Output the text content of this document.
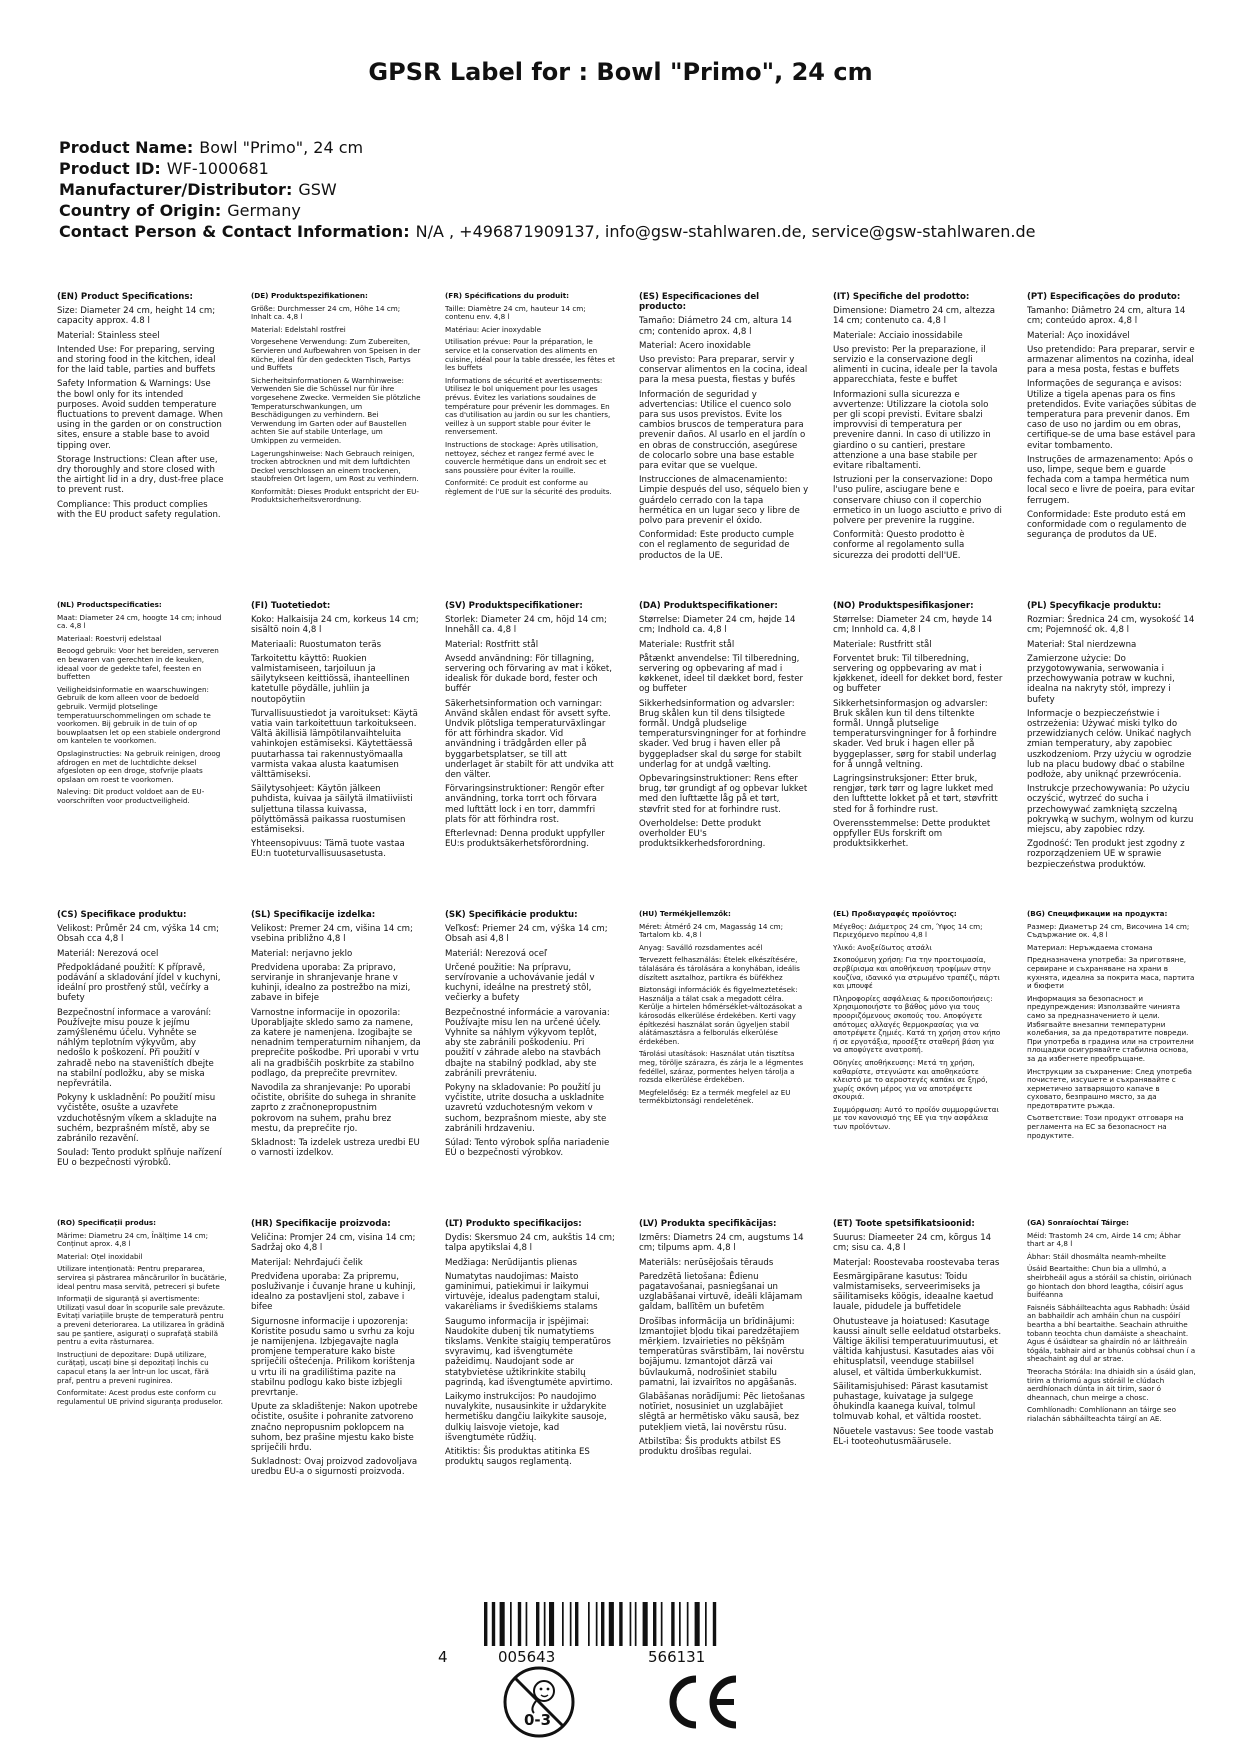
GPSR Label for : Bowl "Primo", 24 cm
Product Name: Bowl "Primo", 24 cm
Product ID: WF-1000681
Manufacturer/Distributor: GSW
Country of Origin: Germany
Contact Person & Contact Information: N/A , +496871909137, info@gsw-stahlwaren.de, service@gsw-stahlwaren.de

(EN) Product Specifications:

Size: Diameter 24 cm, height 14 cm; capacity approx. 4.8 l

Material: Stainless steel

Intended Use: For preparing, serving and storing food in the kitchen, ideal for the laid table, parties and buffets

Safety Information & Warnings: Use the bowl only for its intended purposes. Avoid sudden temperature fluctuations to prevent damage. When using in the garden or on construction sites, ensure a stable base to avoid tipping over.

Storage Instructions: Clean after use, dry thoroughly and store closed with the airtight lid in a dry, dust-free place to prevent rust.

Compliance: This product complies with the EU product safety regulation.

(DE) Produktspezifikationen:

Größe: Durchmesser 24 cm, Höhe 14 cm; Inhalt ca. 4,8 l

Material: Edelstahl rostfrei

Vorgesehene Verwendung: Zum Zubereiten, Servieren und Aufbewahren von Speisen in der Küche, ideal für den gedeckten Tisch, Partys und Buffets

Sicherheitsinformationen & Warnhinweise: Verwenden Sie die Schüssel nur für ihre vorgesehene Zwecke. Vermeiden Sie plötzliche Temperaturschwankungen, um Beschädigungen zu verhindern. Bei Verwendung im Garten oder auf Baustellen achten Sie auf stabile Unterlage, um Umkippen zu vermeiden.

Lagerungshinweise: Nach Gebrauch reinigen, trocken abtrocknen und mit dem luftdichten Deckel verschlossen an einem trockenen, staubfreien Ort lagern, um Rost zu verhindern.

Konformität: Dieses Produkt entspricht der EU-Produktsicherheitsverordnung.

(FR) Spécifications du produit:

Taille: Diamètre 24 cm, hauteur 14 cm; contenu env. 4,8 l

Matériau: Acier inoxydable

Utilisation prévue: Pour la préparation, le service et la conservation des aliments en cuisine, idéal pour la table dressée, les fêtes et les buffets

Informations de sécurité et avertissements: Utilisez le bol uniquement pour les usages prévus. Évitez les variations soudaines de température pour prévenir les dommages. En cas d'utilisation au jardin ou sur les chantiers, veillez à un support stable pour éviter le renversement.

Instructions de stockage: Après utilisation, nettoyez, séchez et rangez fermé avec le couvercle hermétique dans un endroit sec et sans poussière pour éviter la rouille.

Conformité: Ce produit est conforme au règlement de l'UE sur la sécurité des produits.

(ES) Especificaciones del producto:

Tamaño: Diámetro 24 cm, altura 14 cm; contenido aprox. 4,8 l

Material: Acero inoxidable

Uso previsto: Para preparar, servir y conservar alimentos en la cocina, ideal para la mesa puesta, fiestas y bufés

Información de seguridad y advertencias: Utilice el cuenco solo para sus usos previstos. Evite los cambios bruscos de temperatura para prevenir daños. Al usarlo en el jardín o en obras de construcción, asegúrese de colocarlo sobre una base estable para evitar que se vuelque.

Instrucciones de almacenamiento: Limpie después del uso, séquelo bien y guárdelo cerrado con la tapa hermética en un lugar seco y libre de polvo para prevenir el óxido.

Conformidad: Este producto cumple con el reglamento de seguridad de productos de la UE.

(IT) Specifiche del prodotto:

Dimensione: Diametro 24 cm, altezza 14 cm; contenuto ca. 4,8 l

Materiale: Acciaio inossidabile

Uso previsto: Per la preparazione, il servizio e la conservazione degli alimenti in cucina, ideale per la tavola apparecchiata, feste e buffet

Informazioni sulla sicurezza e avvertenze: Utilizzare la ciotola solo per gli scopi previsti. Evitare sbalzi improvvisi di temperatura per prevenire danni. In caso di utilizzo in giardino o su cantieri, prestare attenzione a una base stabile per evitare ribaltamenti.

Istruzioni per la conservazione: Dopo l'uso pulire, asciugare bene e conservare chiuso con il coperchio ermetico in un luogo asciutto e privo di polvere per prevenire la ruggine.

Conformità: Questo prodotto è conforme al regolamento sulla sicurezza dei prodotti dell'UE.

(PT) Especificações do produto:

Tamanho: Diâmetro 24 cm, altura 14 cm; conteúdo aprox. 4,8 l

Material: Aço inoxidável

Uso pretendido: Para preparar, servir e armazenar alimentos na cozinha, ideal para a mesa posta, festas e buffets

Informações de segurança e avisos: Utilize a tigela apenas para os fins pretendidos. Evite variações súbitas de temperatura para prevenir danos. Em caso de uso no jardim ou em obras, certifique-se de uma base estável para evitar tombamento.

Instruções de armazenamento: Após o uso, limpe, seque bem e guarde fechada com a tampa hermética num local seco e livre de poeira, para evitar ferrugem.

Conformidade: Este produto está em conformidade com o regulamento de segurança de produtos da UE.

(NL) Productspecificaties:

Maat: Diameter 24 cm, hoogte 14 cm; inhoud ca. 4,8 l

Materiaal: Roestvrij edelstaal

Beoogd gebruik: Voor het bereiden, serveren en bewaren van gerechten in de keuken, ideaal voor de gedekte tafel, feesten en buffetten

Veiligheidsinformatie en waarschuwingen: Gebruik de kom alleen voor de bedoeld gebruik. Vermijd plotselinge temperatuurschommelingen om schade te voorkomen. Bij gebruik in de tuin of op bouwplaatsen let op een stabiele ondergrond om kantelen te voorkomen.

Opslaginstructies: Na gebruik reinigen, droog afdrogen en met de luchtdichte deksel afgesloten op een droge, stofvrije plaats opslaan om roest te voorkomen.

Naleving: Dit product voldoet aan de EU-voorschriften voor productveiligheid.

(FI) Tuotetiedot:

Koko: Halkaisija 24 cm, korkeus 14 cm; sisältö noin 4,8 l

Materiaali: Ruostumaton teräs

Tarkoitettu käyttö: Ruokien valmistamiseen, tarjoiluun ja säilytykseen keittiössä, ihanteellinen katetulle pöydälle, juhliin ja noutopöytiin

Turvallisuustiedot ja varoitukset: Käytä vatia vain tarkoitettuun tarkoitukseen. Vältä äkillisiä lämpötilanvaihteluita vahinkojen estämiseksi. Käytettäessä puutarhassa tai rakennustyömaalla varmista vakaa alusta kaatumisen välttämiseksi.

Säilytysohjeet: Käytön jälkeen puhdista, kuivaa ja säilytä ilmatiiviisti suljettuna tilassa kuivassa, pölyttömässä paikassa ruostumisen estämiseksi.

Yhteensopivuus: Tämä tuote vastaa EU:n tuoteturvallisuusasetusta.

(SV) Produktspecifikationer:

Storlek: Diameter 24 cm, höjd 14 cm; Innehåll ca. 4,8 l

Material: Rostfritt stål

Avsedd användning: För tillagning, servering och förvaring av mat i köket, idealisk för dukade bord, fester och buffér

Säkerhetsinformation och varningar: Använd skålen endast för avsett syfte. Undvik plötsliga temperaturväxlingar för att förhindra skador. Vid användning i trädgården eller på byggarbetsplatser, se till att underlaget är stabilt för att undvika att den välter.

Förvaringsinstruktioner: Rengör efter användning, torka torrt och förvara med lufttätt lock i en torr, dammfri plats för att förhindra rost.

Efterlevnad: Denna produkt uppfyller EU:s produktsäkerhetsförordning.

(DA) Produktspecifikationer:

Størrelse: Diameter 24 cm, højde 14 cm; Indhold ca. 4,8 l

Materiale: Rustfrit stål

Påtænkt anvendelse: Til tilberedning, servering og opbevaring af mad i køkkenet, ideel til dækket bord, fester og buffeter

Sikkerhedsinformation og advarsler: Brug skålen kun til dens tilsigtede formål. Undgå pludselige temperatursvingninger for at forhindre skader. Ved brug i haven eller på byggepladser skal du sørge for stabilt underlag for at undgå vælting.

Opbevaringsinstruktioner: Rens efter brug, tør grundigt af og opbevar lukket med den lufttætte låg på et tørt, støvfrit sted for at forhindre rust.

Overholdelse: Dette produkt overholder EU's produktsikkerhedsforordning.

(NO) Produktspesifikasjoner:

Størrelse: Diameter 24 cm, høyde 14 cm; Innhold ca. 4,8 l

Materiale: Rustfritt stål

Forventet bruk: Til tilberedning, servering og oppbevaring av mat i kjøkkenet, ideell for dekket bord, fester og buffeter

Sikkerhetsinformasjon og advarsler: Bruk skålen kun til dens tiltenkte formål. Unngå plutselige temperatursvingninger for å forhindre skader. Ved bruk i hagen eller på byggeplasser, sørg for stabil underlag for å unngå veltning.

Lagringsinstruksjoner: Etter bruk, rengjør, tørk tørr og lagre lukket med den lufttette lokket på et tørt, støvfritt sted for å forhindre rust.

Overensstemmelse: Dette produktet oppfyller EUs forskrift om produktsikkerhet.

(PL) Specyfikacje produktu:

Rozmiar: Średnica 24 cm, wysokość 14 cm; Pojemność ok. 4,8 l

Materiał: Stal nierdzewna

Zamierzone użycie: Do przygotowywania, serwowania i przechowywania potraw w kuchni, idealna na nakryty stół, imprezy i bufety

Informacje o bezpieczeństwie i ostrzeżenia: Używać miski tylko do przewidzianych celów. Unikać nagłych zmian temperatury, aby zapobiec uszkodzeniom. Przy użyciu w ogrodzie lub na placu budowy dbać o stabilne podłoże, aby uniknąć przewrócenia.

Instrukcje przechowywania: Po użyciu oczyścić, wytrzeć do sucha i przechowywać zamkniętą szczelną pokrywką w suchym, wolnym od kurzu miejscu, aby zapobiec rdzy.

Zgodność: Ten produkt jest zgodny z rozporządzeniem UE w sprawie bezpieczeństwa produktów.

(CS) Specifikace produktu:

Velikost: Průměr 24 cm, výška 14 cm; Obsah cca 4,8 l

Materiál: Nerezová ocel

Předpokládané použití: K přípravě, podávání a skladování jídel v kuchyni, ideální pro prostřený stůl, večírky a bufety

Bezpečnostní informace a varování: Používejte misu pouze k jejímu zamýšlenému účelu. Vyhněte se náhlým teplotním výkyvům, aby nedošlo k poškození. Při použití v zahradě nebo na staveništích dbejte na stabilní podložku, aby se miska nepřevrátila.

Pokyny k uskladnění: Po použití misu vyčistěte, osušte a uzavřete vzduchotěsným víkem a skladujte na suchém, bezprašném místě, aby se zabránilo rezavění.

Soulad: Tento produkt splňuje nařízení EU o bezpečnosti výrobků.

(SL) Specifikacije izdelka:

Velikost: Premer 24 cm, višina 14 cm; vsebina približno 4,8 l

Material: nerjavno jeklo

Predvidena uporaba: Za pripravo, serviranje in shranjevanje hrane v kuhinji, idealno za postrežbo na mizi, zabave in bifeje

Varnostne informacije in opozorila: Uporabljajte skledo samo za namene, za katere je namenjena. Izogibajte se nenadnim temperaturnim nihanjem, da preprečite poškodbe. Pri uporabi v vrtu ali na gradbiščih poskrbite za stabilno podlago, da preprečite prevrnitev.

Navodila za shranjevanje: Po uporabi očistite, obrišite do suhega in shranite zaprto z zračnonepropustnim pokrovom na suhem, prahu brez mestu, da preprečite rjo.

Skladnost: Ta izdelek ustreza uredbi EU o varnosti izdelkov.

(SK) Špecifikácie produktu:

Veľkosť: Priemer 24 cm, výška 14 cm; Obsah asi 4,8 l

Materiál: Nerezová oceľ

Určené použitie: Na prípravu, servírovanie a uchovávanie jedál v kuchyni, ideálne na prestretý stôl, večierky a bufety

Bezpečnostné informácie a varovania: Používajte misu len na určené účely. Vyhnite sa náhlym výkyvom teplôt, aby ste zabránili poškodeniu. Pri použití v záhrade alebo na stavbách dbajte na stabilný podklad, aby ste zabránili prevráteniu.

Pokyny na skladovanie: Po použití ju vyčistite, utrite dosucha a uskladnite uzavretú vzduchotesným vekom v suchom, bezprašnom mieste, aby ste zabránili hrdzaveniu.

Súlad: Tento výrobok spĺňa nariadenie EÚ o bezpečnosti výrobkov.

(HU) Termékjellemzők:

Méret: Átmérő 24 cm, Magasság 14 cm; Tartalom kb. 4,8 l

Anyag: Saválló rozsdamentes acél

Tervezett felhasználás: Ételek elkészítésére, tálalására és tárolására a konyhában, ideális díszített asztalhoz, partikra és büfékhez

Biztonsági információk és figyelmeztetések: Használja a tálat csak a megadott célra. Kerülje a hirtelen hőmérséklet-változásokat a károsodás elkerülése érdekében. Kerti vagy építkezési használat során ügyeljen stabil alátámasztásra a felborulás elkerülése érdekében.

Tárolási utasítások: Használat után tisztítsa meg, törölje szárazra, és zárja le a légmentes fedéllel, száraz, pormentes helyen tárolja a rozsda elkerülése érdekében.

Megfelelőség: Ez a termék megfelel az EU termékbiztonsági rendeletének.

(EL) Προδιαγραφές προϊόντος:

Μέγεθος: Διάμετρος 24 cm, Ύψος 14 cm; Περιεχόμενο περίπου 4,8 l

Υλικό: Ανοξείδωτος ατσάλι

Σκοπούμενη χρήση: Για την προετοιμασία, σερβίρισμα και αποθήκευση τροφίμων στην κουζίνα, ιδανικό για στρωμένο τραπέζι, πάρτι και μπουφέ

Πληροφορίες ασφάλειας & προειδοποιήσεις: Χρησιμοποιήστε το βάθος μόνο για τους προοριζόμενους σκοπούς του. Αποφύγετε απότομες αλλαγές θερμοκρασίας για να αποτρέψετε ζημιές. Κατά τη χρήση στον κήπο ή σε εργοτάξια, προσέξτε σταθερή βάση για να αποφύγετε ανατροπή.

Οδηγίες αποθήκευσης: Μετά τη χρήση, καθαρίστε, στεγνώστε και αποθηκεύστε κλειστό με το αεροστεγές καπάκι σε ξηρό, χωρίς σκόνη μέρος για να αποτρέψετε σκουριά.

Συμμόρφωση: Αυτό το προϊόν συμμορφώνεται με τον κανονισμό της ΕΕ για την ασφάλεια των προϊόντων.

(BG) Спецификации на продукта:

Размер: Диаметър 24 cm, Височина 14 cm; Съдържание ок. 4,8 l

Материал: Неръждаема стомана

Предназначена употреба: За приготвяне, сервиране и съхраняване на храни в кухнята, идеална за покрита маса, партита и бюфети

Информация за безопасност и предупреждения: Използвайте чинията само за предназначението ѝ цели. Избягвайте внезапни температурни колебания, за да предотвратите повреди. При употреба в градина или на строителни площадки осигурявайте стабилна основа, за да избегнете преобръщане.

Инструкции за съхранение: След употреба почистете, изсушете и съхранявайте с херметично затварящото капаче в суховато, безпрашно място, за да предотвратите ръжда.

Съответствие: Този продукт отговаря на регламента на ЕС за безопасност на продуктите.

(RO) Specificații produs:

Mărime: Diametru 24 cm, Înălțime 14 cm; Conținut aprox. 4,8 l

Material: Oțel inoxidabil

Utilizare intenționată: Pentru prepararea, servirea și păstrarea mâncărurilor în bucătărie, ideal pentru masa servită, petreceri și bufete

Informații de siguranță și avertismente: Utilizați vasul doar în scopurile sale prevăzute. Evitați variațiile bruște de temperatură pentru a preveni deteriorarea. La utilizarea în grădină sau pe șantiere, asigurați o suprafață stabilă pentru a evita răsturnarea.

Instrucțiuni de depozitare: După utilizare, curățați, uscați bine și depozitați închis cu capacul etanș la aer într-un loc uscat, fără praf, pentru a preveni ruginirea.

Conformitate: Acest produs este conform cu regulamentul UE privind siguranța produselor.

(HR) Specifikacije proizvoda:

Veličina: Promjer 24 cm, visina 14 cm; Sadržaj oko 4,8 l

Materijal: Nehrđajući čelik

Predviđena uporaba: Za pripremu, posluživanje i čuvanje hrane u kuhinji, idealno za postavljeni stol, zabave i bifee

Sigurnosne informacije i upozorenja: Koristite posudu samo u svrhu za koju je namijenjena. Izbjegavajte nagla promjene temperature kako biste spriječili oštećenja. Prilikom korištenja u vrtu ili na gradilištima pazite na stabilnu podlogu kako biste izbjegli prevrtanje.

Upute za skladištenje: Nakon upotrebe očistite, osušite i pohranite zatvoreno značno nepropusnim poklopcem na suhom, bez prašine mjestu kako biste spriječili hrđu.

Sukladnost: Ovaj proizvod zadovoljava uredbu EU-a o sigurnosti proizvoda.

(LT) Produkto specifikacijos:

Dydis: Skersmuo 24 cm, aukštis 14 cm; talpa apytikslai 4,8 l

Medžiaga: Nerūdijantis plienas

Numatytas naudojimas: Maisto gaminimui, patiekimui ir laikymui virtuvėje, idealus padengtam stalui, vakarėliams ir švediškiems stalams

Saugumo informacija ir įspėjimai: Naudokite dubenį tik numatytiems tikslams. Venkite staigių temperatūros svyravimų, kad išvengtumėte pažeidimų. Naudojant sode ar statybvietėse užtikrinkite stabilų pagrindą, kad išvengtumėte apvirtimo.

Laikymo instrukcijos: Po naudojimo nuvalykite, nusausinkite ir uždarykite hermetišku dangčiu laikykite sausoje, dulkių laisvoje vietoje, kad išvengtumėte rūdžių.

Atitiktis: Šis produktas atitinka ES produktų saugos reglamentą.

(LV) Produkta specifikācijas:

Izmērs: Diametrs 24 cm, augstums 14 cm; tilpums apm. 4,8 l

Materiāls: nerūsējošais tērauds

Paredzētā lietošana: Ēdienu pagatavošanai, pasniegšanai un uzglabāšanai virtuvē, ideāli klājamam galdam, ballītēm un bufetēm

Drošības informācija un brīdinājumi: Izmantojiet bļodu tikai paredzētajiem mērķiem. Izvairieties no pēkšņām temperatūras svārstībām, lai novērstu bojājumu. Izmantojot dārzā vai būvlaukumā, nodrošiniet stabilu pamatni, lai izvairītos no apgāšanās.

Glabāšanas norādījumi: Pēc lietošanas notīriet, nosusiniet un uzglabājiet slēgtā ar hermētisko vāku sausā, bez putekļiem vietā, lai novērstu rūsu.

Atbilstība: Šis produkts atbilst ES produktu drošības regulai.

(ET) Toote spetsifikatsioonid:

Suurus: Diameeter 24 cm, kõrgus 14 cm; sisu ca. 4,8 l

Materjal: Roostevaba roostevaba teras

Eesmärgipärane kasutus: Toidu valmistamiseks, serveerimiseks ja säilitamiseks köögis, ideaalne kaetud lauale, pidudele ja buffetidele

Ohutusteave ja hoiatused: Kasutage kaussi ainult selle eeldatud otstarbeks. Vältige äkilisi temperatuurimuutusi, et vältida kahjustusi. Kasutades aias või ehitusplatsil, veenduge stabiilsel alusel, et vältida ümberkukkumist.

Säilitamisjuhised: Pärast kasutamist puhastage, kuivatage ja sulgege õhukindla kaanega kuival, tolmul tolmuvab kohal, et vältida roostet.

Nõuetele vastavus: See toode vastab EL-i tooteohutusmäärusele.

(GA) Sonraíochtaí Táirge:

Méid: Trastomh 24 cm, Airde 14 cm; Ábhar thart ar 4,8 l

Ábhar: Stáil dhosmálta neamh-mheilte

Úsáid Beartaithe: Chun bia a ullmhú, a sheirbheáil agus a stóráil sa chistin, oiriúnach go hiontach don bhord leagtha, cóisirí agus buiféanna

Faisnéis Sábháilteachta agus Rabhadh: Úsáid an babhaildír ach amháin chun na cuspóirí beartha a bhí beartaithe. Seachain athruithe tobann teochta chun damáiste a sheachaint. Agus é úsáidtear sa ghairdín nó ar láithreáin tógála, tabhair aird ar bhunús cobhsaí chun í a sheachaint ag dul ar strae.

Treoracha Stórála: Ina dhiaidh sin a úsáid glan, tirim a thriomú agus stóráil le clúdach aerdhíonach dúnta in áit tirim, saor ó dheannach, chun meirge a chosc.

Comhlíonadh: Comhlíonann an táirge seo rialachán sábháilteachta táirgí an AE.

4	005643	566131
0-3
